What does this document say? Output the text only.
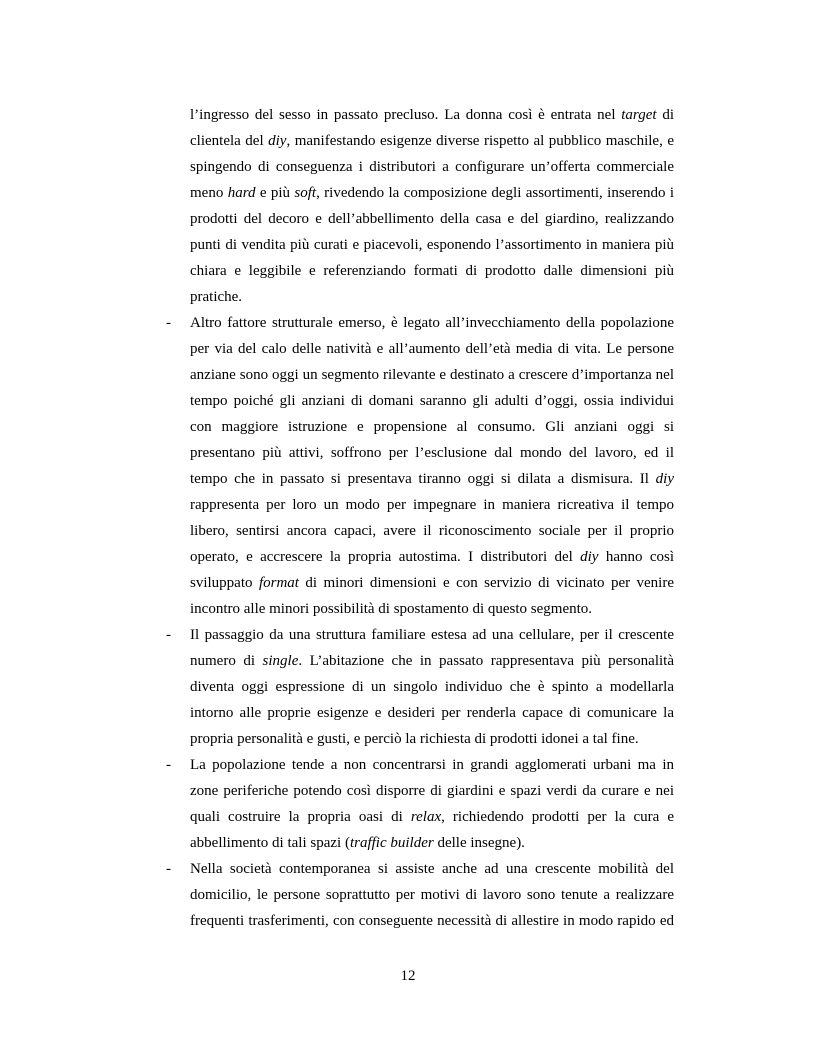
l’ingresso del sesso in passato precluso. La donna così è entrata nel target di
clientela del diy, manifestando esigenze diverse rispetto al pubblico maschile, e
spingendo di conseguenza i distributori a configurare un’offerta commerciale
meno hard e più soft, rivedendo la composizione degli assortimenti, inserendo i
prodotti del decoro e dell’abbellimento della casa e del giardino, realizzando
punti di vendita più curati e piacevoli, esponendo l’assortimento in maniera più
chiara e leggibile e referenziando formati di prodotto dalle dimensioni più
pratiche.
- Altro fattore strutturale emerso, è legato all’invecchiamento della popolazione
per via del calo delle natività e all’aumento dell’età media di vita. Le persone
anziane sono oggi un segmento rilevante e destinato a crescere d’importanza nel
tempo poiché gli anziani di domani saranno gli adulti d’oggi, ossia individui
con maggiore istruzione e propensione al consumo. Gli anziani oggi si
presentano più attivi, soffrono per l’esclusione dal mondo del lavoro, ed il
tempo che in passato si presentava tiranno oggi si dilata a dismisura. Il diy
rappresenta per loro un modo per impegnare in maniera ricreativa il tempo
libero, sentirsi ancora capaci, avere il riconoscimento sociale per il proprio
operato, e accrescere la propria autostima. I distributori del diy hanno così
sviluppato format di minori dimensioni e con servizio di vicinato per venire
incontro alle minori possibilità di spostamento di questo segmento.
- Il passaggio da una struttura familiare estesa ad una cellulare, per il crescente
numero di single. L’abitazione che in passato rappresentava più personalità
diventa oggi espressione di un singolo individuo che è spinto a modellarla
intorno alle proprie esigenze e desideri per renderla capace di comunicare la
propria personalità e gusti, e perciò la richiesta di prodotti idonei a tal fine.
- La popolazione tende a non concentrarsi in grandi agglomerati urbani ma in
zone periferiche potendo così disporre di giardini e spazi verdi da curare e nei
quali costruire la propria oasi di relax, richiedendo prodotti per la cura e
abbellimento di tali spazi (traffic builder delle insegne).
- Nella società contemporanea si assiste anche ad una crescente mobilità del
domicilio, le persone soprattutto per motivi di lavoro sono tenute a realizzare
frequenti trasferimenti, con conseguente necessità di allestire in modo rapido ed
12
